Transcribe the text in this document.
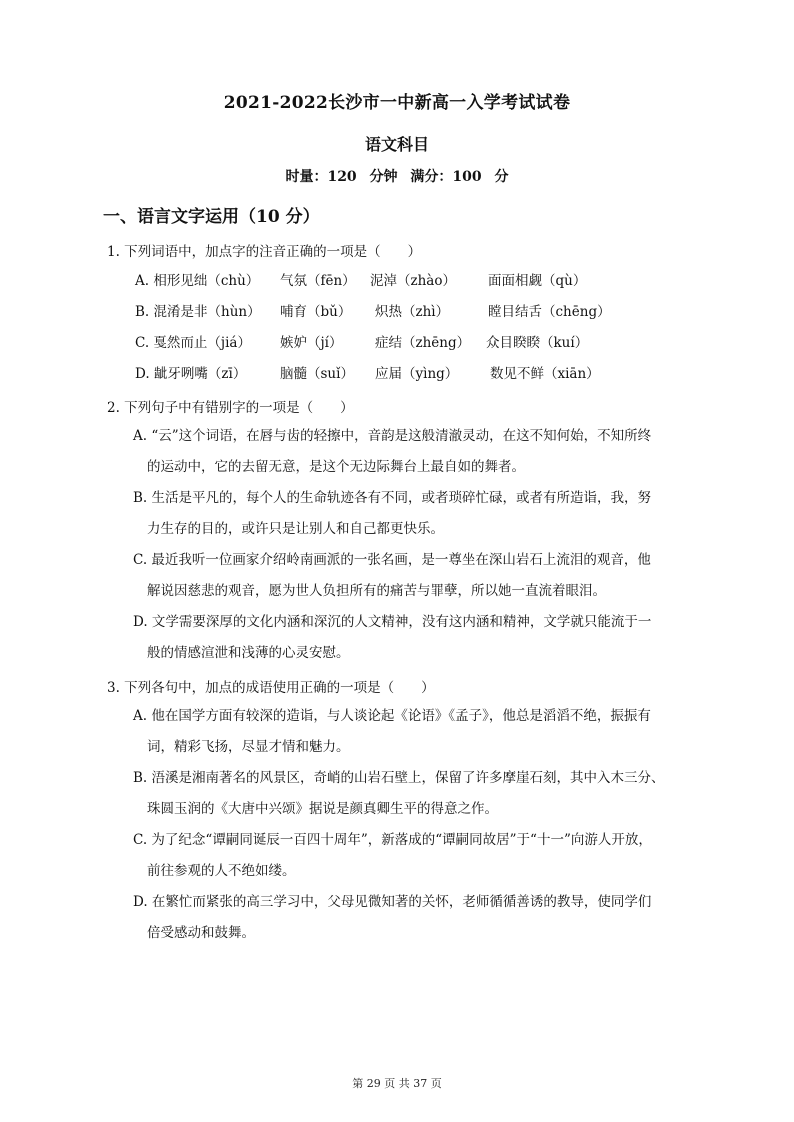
2021-2022长沙市一中新高一入学考试试卷
语文科目
时量：120 分钟 满分：100 分
一、语言文字运用（10 分）
1. 下列词语中，加点字的注音正确的一项是（　　）
A. 相形见绌（chù） 气氛（fēn） 泥淖（zhào） 面面相觑（qù）
B. 混淆是非（hùn） 哺育（bǔ） 炽热（zhì）	瞠目结舌（chēng）
C. 戛然而止（jiá） 嫉妒（jí） 症结（zhēng） 众目睽睽（kuí）
D. 龇牙咧嘴（zī） 脑髓（suǐ） 应届（yìng） 数见不鲜（xiān）
2. 下列句子中有错别字的一项是（　　）
A. “云”这个词语，在唇与齿的轻擦中，音韵是这般清澈灵动，在这不知何始，不知所终
的运动中，它的去留无意，是这个无边际舞台上最自如的舞者。
B. 生活是平凡的，每个人的生命轨迹各有不同，或者琐碎忙碌，或者有所造诣，我，努
力生存的目的，或许只是让别人和自己都更快乐。
C. 最近我听一位画家介绍岭南画派的一张名画，是一尊坐在深山岩石上流泪的观音，他
解说因慈悲的观音，愿为世人负担所有的痛苦与罪孽，所以她一直流着眼泪。
D. 文学需要深厚的文化内涵和深沉的人文精神，没有这内涵和精神，文学就只能流于一
般的情感渲泄和浅薄的心灵安慰。
3. 下列各句中，加点的成语使用正确的一项是（　　）
A. 他在国学方面有较深的造诣，与人谈论起《论语》《孟子》，他总是滔滔不绝，振振有
词，精彩飞扬，尽显才情和魅力。
B. 浯溪是湘南著名的风景区，奇峭的山岩石壁上，保留了许多摩崖石刻，其中入木三分、
珠圆玉润的《大唐中兴颂》据说是颜真卿生平的得意之作。
C. 为了纪念“谭嗣同诞辰一百四十周年”，新落成的“谭嗣同故居”于“十一”向游人开放，
前往参观的人不绝如缕。
D. 在繁忙而紧张的高三学习中，父母见微知著的关怀，老师循循善诱的教导，使同学们
倍受感动和鼓舞。
第 29 页 共 37 页
